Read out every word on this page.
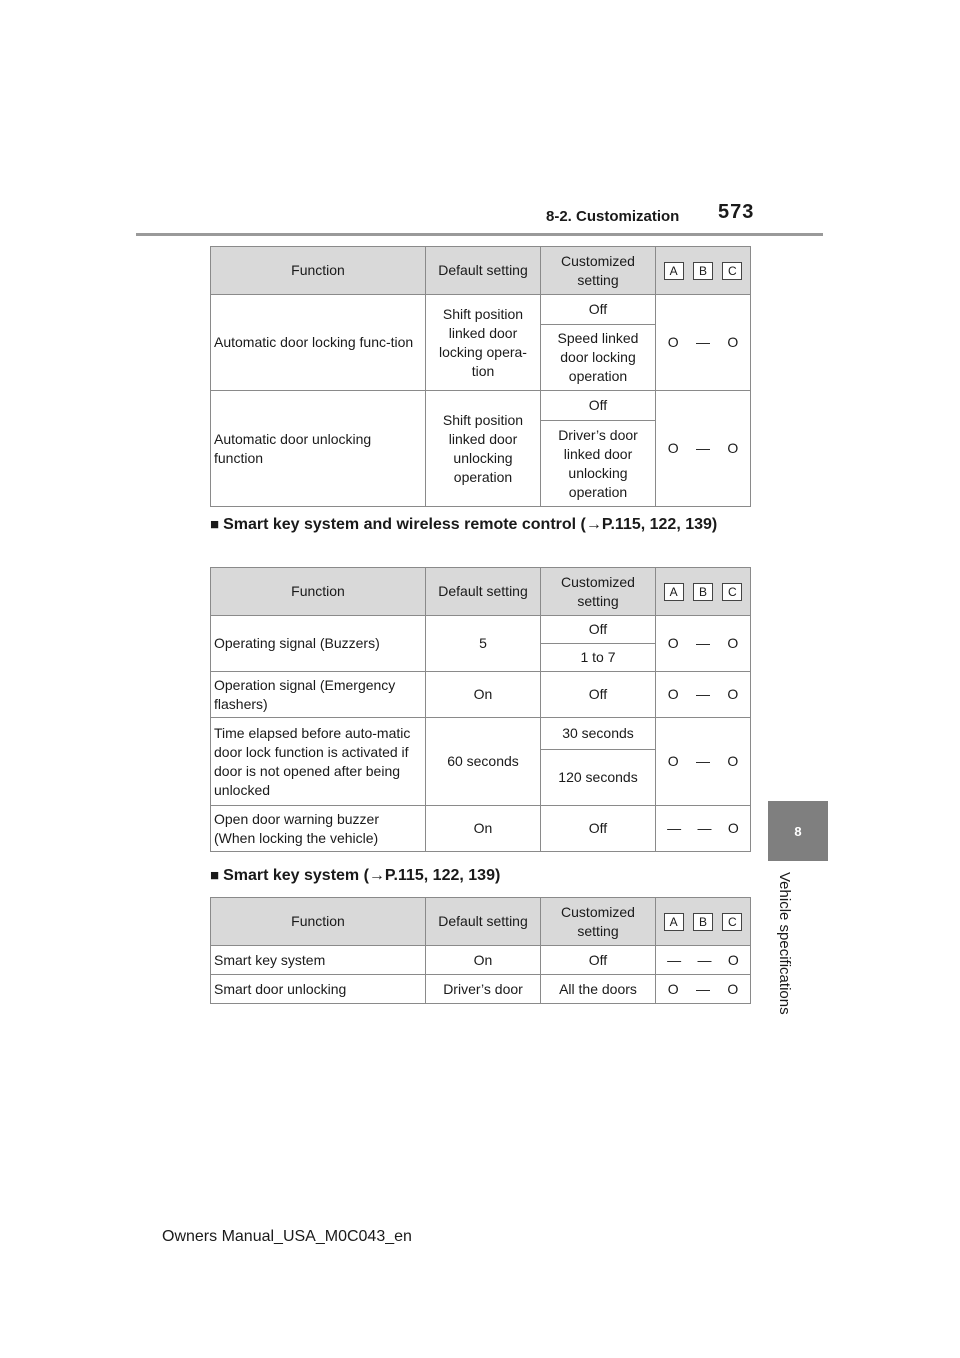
8-2. Customization 573
8
Vehicle specifications
Function	Default setting	Customized setting	A B C

Automatic door locking func-tion	Shift position linked door locking opera-tion	Off	O — O

		Speed linked door locking operation	
Automatic door unlocking function	Shift position linked door unlocking operation	Off	O — O

		Driver’s door linked door unlocking operation	
■ Smart key system and wireless remote control (→P.115, 122, 139)
Function	Default setting	Customized setting	A B C

Operating signal (Buzzers)	5	Off	O — O

		1 to 7	
Operation signal (Emergency flashers)	On	Off	O — O

Time elapsed before auto-matic door lock function is activated if door is not opened after being unlocked	60 seconds	30 seconds	O — O

		120 seconds	
Open door warning buzzer (When locking the vehicle)	On	Off	— — O
■ Smart key system (→P.115, 122, 139)
Function	Default setting	Customized setting	A B C

Smart key system	On	Off	— — O

Smart door unlocking	Driver’s door	All the doors	O — O
Owners Manual_USA_M0C043_en
